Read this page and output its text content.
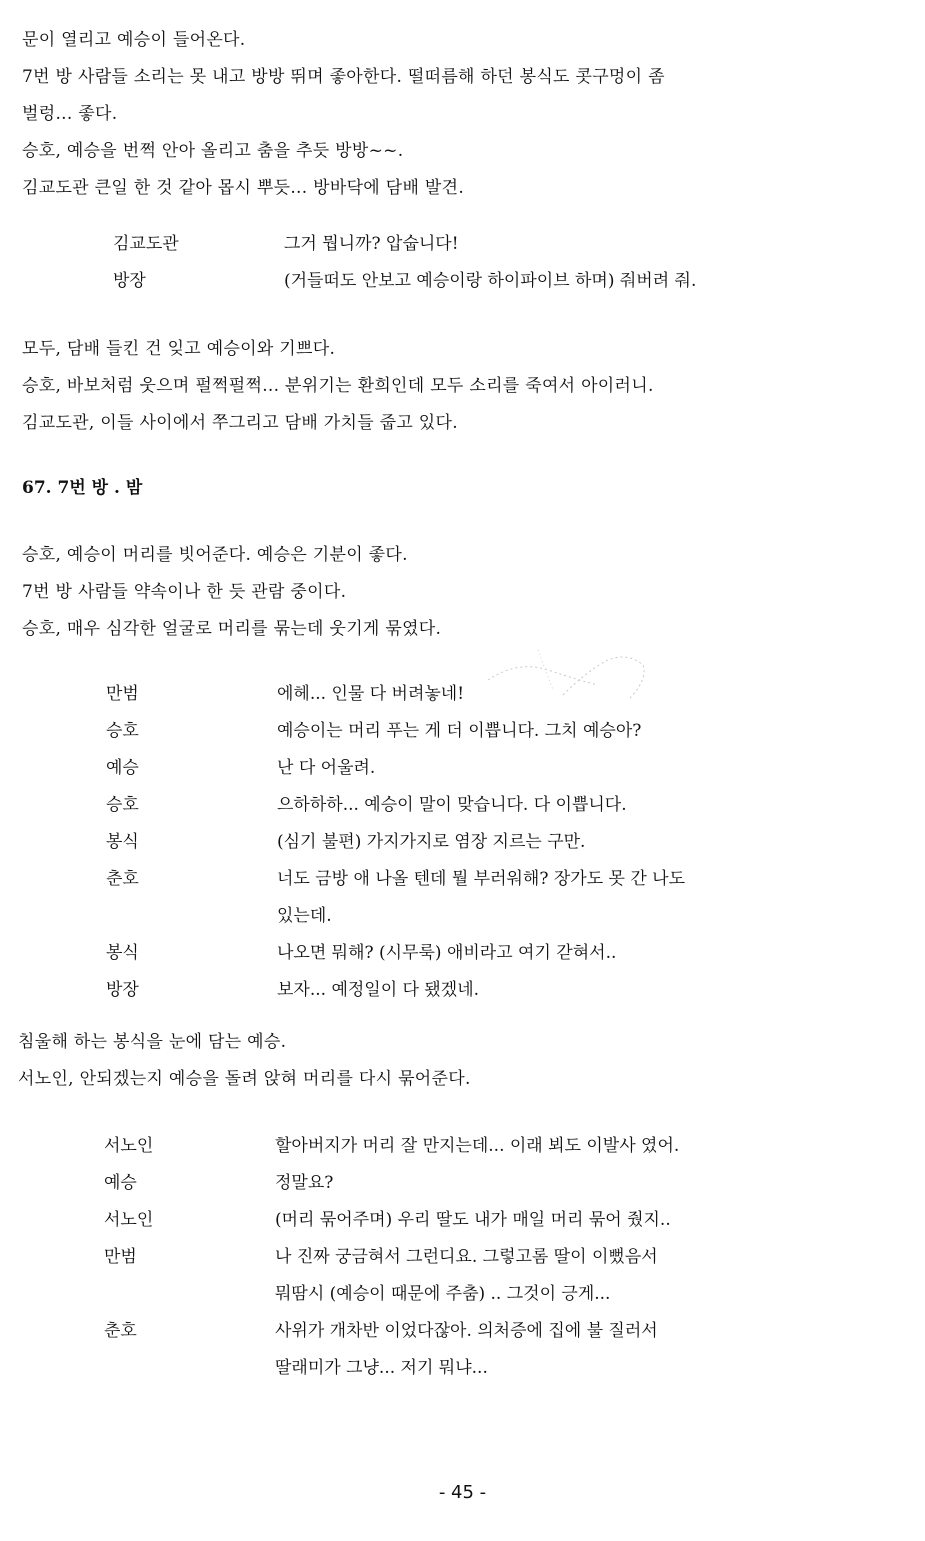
문이 열리고 예승이 들어온다.
7번 방 사람들 소리는 못 내고 방방 뛰며 좋아한다. 떨떠름해 하던 봉식도 콧구멍이 좀
벌렁... 좋다.
승호, 예승을 번쩍 안아 올리고 춤을 추듯 방방~~.
김교도관 큰일 한 것 같아 몹시 뿌듯... 방바닥에 담배 발견.
김교도관	그거 뭡니까? 압숩니다!
방장	(거들떠도 안보고 예승이랑 하이파이브 하며) 줘버려 줘.
모두, 담배 들킨 건 잊고 예승이와 기쁘다.
승호, 바보처럼 웃으며 펄쩍펄쩍... 분위기는 환희인데 모두 소리를 죽여서 아이러니.
김교도관, 이들 사이에서 쭈그리고 담배 가치들 줍고 있다.
67. 7번 방 . 밤
승호, 예승이 머리를 빗어준다. 예승은 기분이 좋다.
7번 방 사람들 약속이나 한 듯 관람 중이다.
승호, 매우 심각한 얼굴로 머리를 묶는데 웃기게 묶였다.
만범	에헤... 인물 다 버려놓네!
승호	예승이는 머리 푸는 게 더 이쁩니다. 그치 예승아?
예승	난 다 어울려.
승호	으하하하... 예승이 말이 맞습니다. 다 이쁩니다.
봉식	(심기 불편) 가지가지로 염장 지르는 구만.
춘호	너도 금방 애 나올 텐데 뭘 부러워해? 장가도 못 간 나도
있는데.
봉식	나오면 뭐해? (시무룩) 애비라고 여기 갇혀서..
방장	보자... 예정일이 다 됐겠네.
침울해 하는 봉식을 눈에 담는 예승.
서노인, 안되겠는지 예승을 돌려 앉혀 머리를 다시 묶어준다.
서노인	할아버지가 머리 잘 만지는데... 이래 뵈도 이발사 였어.
예승	정말요?
서노인	(머리 묶어주며) 우리 딸도 내가 매일 머리 묶어 줬지..
만범	나 진짜 궁금혀서 그런디요. 그렇고롬 딸이 이뻤음서
뭐땀시 (예승이 때문에 주춤) .. 그것이 긍게...
춘호	사위가 개차반 이었다잖아. 의처증에 집에 불 질러서
딸래미가 그냥... 저기 뭐냐...
- 45 -
